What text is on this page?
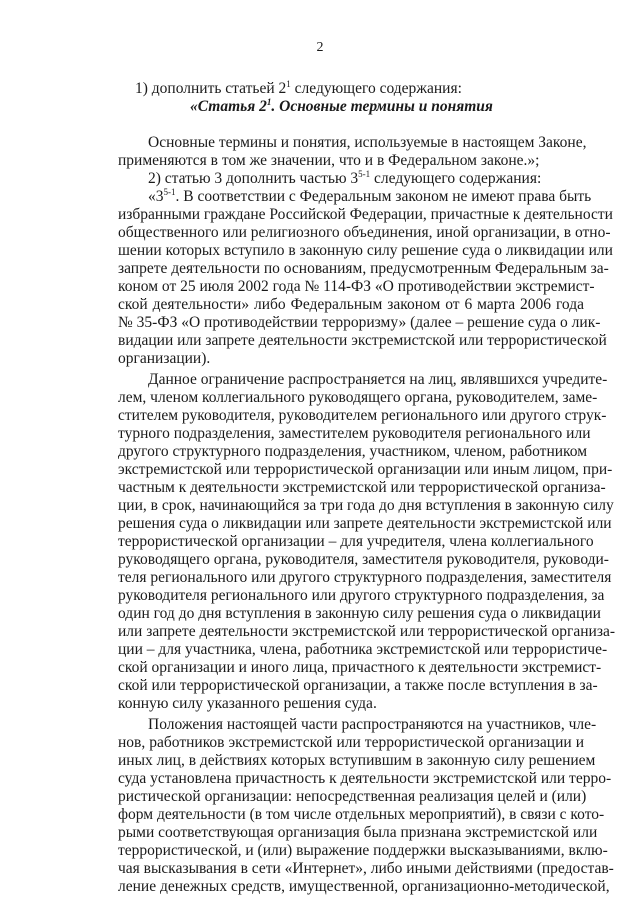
2
1) дополнить статьей $2^1$ следующего содержания:
«Статья $2^1$. Основные термины и понятия
Основные термины и понятия, используемые в настоящем Законе,
применяются в том же значении, что и в Федеральном законе.»;
2) статью 3 дополнить частью 3$^{5-1}$ следующего содержания:
«3$^{5-1}$. В соответствии с Федеральным законом не имеют права быть
избранными граждане Российской Федерации, причастные к деятельности
общественного или религиозного объединения, иной организации, в отно-
шении которых вступило в законную силу решение суда о ликвидации или
запрете деятельности по основаниям, предусмотренным Федеральным за-
коном от 25 июля 2002 года № 114-ФЗ «О противодействии экстремист-
ской деятельности» либо Федеральным законом от 6 марта 2006 года
№ 35-ФЗ «О противодействии терроризму» (далее – решение суда о лик-
видации или запрете деятельности экстремистской или террористической
организации).
Данное ограничение распространяется на лиц, являвшихся учредите-
лем, членом коллегиального руководящего органа, руководителем, заме-
стителем руководителя, руководителем регионального или другого струк-
турного подразделения, заместителем руководителя регионального или
другого структурного подразделения, участником, членом, работником
экстремистской или террористической организации или иным лицом, при-
частным к деятельности экстремистской или террористической организа-
ции, в срок, начинающийся за три года до дня вступления в законную силу
решения суда о ликвидации или запрете деятельности экстремистской или
террористической организации – для учредителя, члена коллегиального
руководящего органа, руководителя, заместителя руководителя, руководи-
теля регионального или другого структурного подразделения, заместителя
руководителя регионального или другого структурного подразделения, за
один год до дня вступления в законную силу решения суда о ликвидации
или запрете деятельности экстремистской или террористической организа-
ции – для участника, члена, работника экстремистской или террористиче-
ской организации и иного лица, причастного к деятельности экстремист-
ской или террористической организации, а также после вступления в за-
конную силу указанного решения суда.
Положения настоящей части распространяются на участников, чле-
нов, работников экстремистской или террористической организации и
иных лиц, в действиях которых вступившим в законную силу решением
суда установлена причастность к деятельности экстремистской или терро-
ристической организации: непосредственная реализация целей и (или)
форм деятельности (в том числе отдельных мероприятий), в связи с кото-
рыми соответствующая организация была признана экстремистской или
террористической, и (или) выражение поддержки высказываниями, вклю-
чая высказывания в сети «Интернет», либо иными действиями (предостав-
ление денежных средств, имущественной, организационно-методической,
